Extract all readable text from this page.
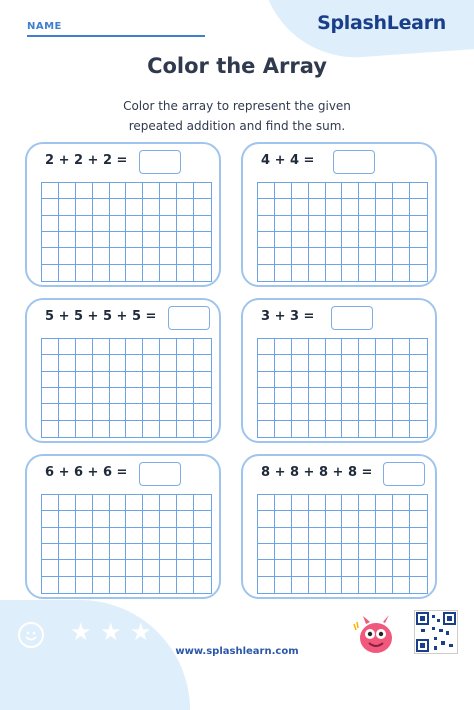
NAME	SplashLearn
Color the Array
Color the array to represent the given
repeated addition and find the sum.
2 + 2 + 2 =	4 + 4 =
5 + 5 + 5 + 5 =	3 + 3 =
6 + 6 + 6 =	8 + 8 + 8 + 8 =
★ ★ ★
www.splashlearn.com
